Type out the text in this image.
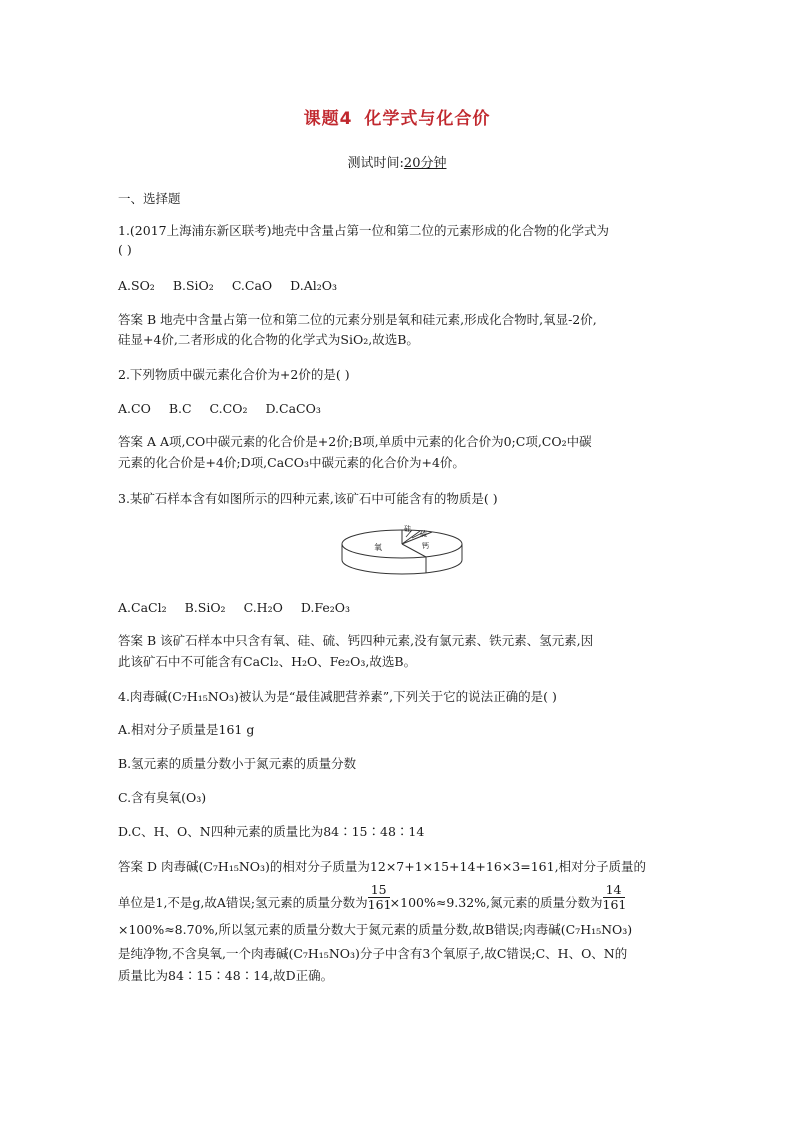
课题4 化学式与化合价
测试时间:20分钟
一、选择题
1.(2017上海浦东新区联考)地壳中含量占第一位和第二位的元素形成的化合物的化学式为
( )
A.SO₂ B.SiO₂ C.CaO D.Al₂O₃
答案 B 地壳中含量占第一位和第二位的元素分别是氧和硅元素,形成化合物时,氧显-2价,
硅显+4价,二者形成的化合物的化学式为SiO₂,故选B。
2.下列物质中碳元素化合价为+2价的是( )
A.CO B.C C.CO₂ D.CaCO₃
答案 A A项,CO中碳元素的化合价是+2价;B项,单质中元素的化合价为0;C项,CO₂中碳
元素的化合价是+4价;D项,CaCO₃中碳元素的化合价为+4价。
3.某矿石样本含有如图所示的四种元素,该矿石中可能含有的物质是( )
氧
硅
硫
钙
A.CaCl₂ B.SiO₂ C.H₂O D.Fe₂O₃
答案 B 该矿石样本中只含有氧、硅、硫、钙四种元素,没有氯元素、铁元素、氢元素,因
此该矿石中不可能含有CaCl₂、H₂O、Fe₂O₃,故选B。
4.肉毒碱(C₇H₁₅NO₃)被认为是“最佳减肥营养素”,下列关于它的说法正确的是( )
A.相对分子质量是161 g
B.氢元素的质量分数小于氮元素的质量分数
C.含有臭氧(O₃)
D.C、H、O、N四种元素的质量比为84∶15∶48∶14
答案 D 肉毒碱(C₇H₁₅NO₃)的相对分子质量为12×7+1×15+14+16×3=161,相对分子质量的
单位是1,不是g,故A错误;氢元素的质量分数为 $\frac{15}{161} \times 100\%\approx 9.32\%$,氮元素的质量分数为 $\frac{14}{161}$
×100%≈8.70%,所以氢元素的质量分数大于氮元素的质量分数,故B错误;肉毒碱(C₇H₁₅NO₃)
是纯净物,不含臭氧,一个肉毒碱(C₇H₁₅NO₃)分子中含有3个氧原子,故C错误;C、H、O、N的
质量比为84∶15∶48∶14,故D正确。
